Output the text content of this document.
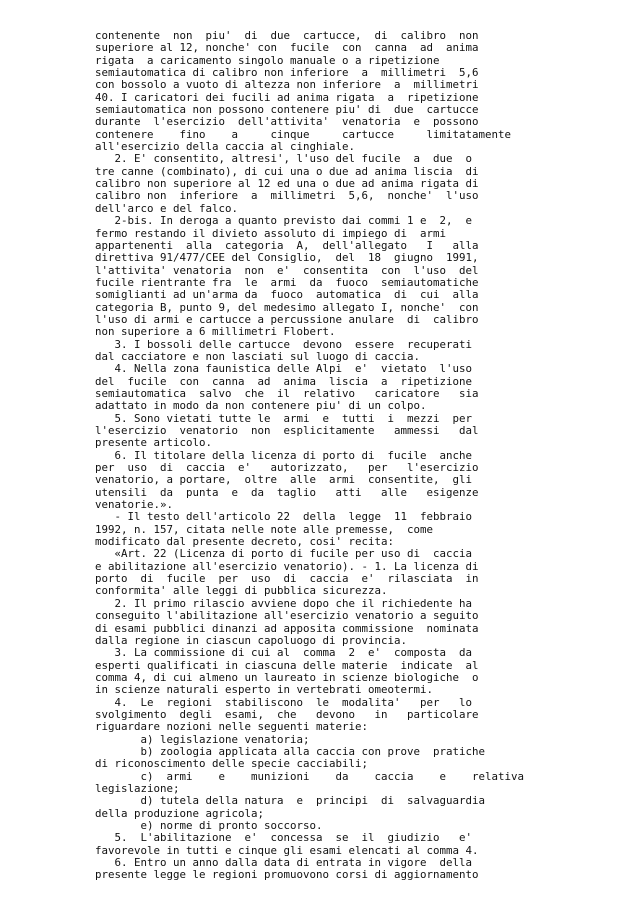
contenente  non  piu'  di  due  cartucce,  di  calibro  non
superiore al 12, nonche' con  fucile  con  canna  ad  anima
rigata  a caricamento singolo manuale o a ripetizione
semiautomatica di calibro non inferiore  a  millimetri  5,6
con bossolo a vuoto di altezza non inferiore  a  millimetri
40. I caricatori dei fucili ad anima rigata  a  ripetizione
semiautomatica non possono contenere piu' di  due  cartucce
durante  l'esercizio  dell'attivita'  venatoria  e  possono
contenere    fino    a     cinque     cartucce     limitatamente
all'esercizio della caccia al cinghiale.
2. E' consentito, altresi', l'uso del fucile  a  due  o
tre canne (combinato), di cui una o due ad anima liscia  di
calibro non superiore al 12 ed una o due ad anima rigata di
calibro non  inferiore  a  millimetri  5,6,  nonche'  l'uso
dell'arco e del falco.
2-bis. In deroga a quanto previsto dai commi 1 e  2,  e
fermo restando il divieto assoluto di impiego di  armi
appartenenti  alla  categoria  A,  dell'allegato   I   alla
direttiva 91/477/CEE del Consiglio,  del  18  giugno  1991,
l'attivita' venatoria  non  e'  consentita  con  l'uso  del
fucile rientrante fra  le  armi  da  fuoco  semiautomatiche
somiglianti ad un'arma da  fuoco  automatica  di  cui  alla
categoria B, punto 9, del medesimo allegato I, nonche'  con
l'uso di armi e cartucce a percussione anulare  di  calibro
non superiore a 6 millimetri Flobert.
3. I bossoli delle cartucce  devono  essere  recuperati
dal cacciatore e non lasciati sul luogo di caccia.
4. Nella zona faunistica delle Alpi  e'  vietato  l'uso
del  fucile  con  canna  ad  anima  liscia  a  ripetizione
semiautomatica  salvo  che  il  relativo   caricatore   sia
adattato in modo da non contenere piu' di un colpo.
5. Sono vietati tutte le  armi  e  tutti  i  mezzi  per
l'esercizio  venatorio  non  esplicitamente   ammessi   dal
presente articolo.
6. Il titolare della licenza di porto di  fucile  anche
per  uso  di  caccia  e'   autorizzato,   per   l'esercizio
venatorio, a portare,  oltre  alle  armi  consentite,  gli
utensili  da  punta  e  da  taglio   atti   alle   esigenze
venatorie.».
- Il testo dell'articolo 22  della  legge  11  febbraio
1992, n. 157, citata nelle note alle premesse,  come
modificato dal presente decreto, cosi' recita:
«Art. 22 (Licenza di porto di fucile per uso di  caccia
e abilitazione all'esercizio venatorio). - 1. La licenza di
porto  di  fucile  per  uso  di  caccia  e'  rilasciata  in
conformita' alle leggi di pubblica sicurezza.
2. Il primo rilascio avviene dopo che il richiedente ha
conseguito l'abilitazione all'esercizio venatorio a seguito
di esami pubblici dinanzi ad apposita commissione  nominata
dalla regione in ciascun capoluogo di provincia.
3. La commissione di cui al  comma  2  e'  composta  da
esperti qualificati in ciascuna delle materie  indicate  al
comma 4, di cui almeno un laureato in scienze biologiche  o
in scienze naturali esperto in vertebrati omeotermi.
4.  Le  regioni  stabiliscono  le  modalita'   per   lo
svolgimento  degli  esami,  che   devono   in   particolare
riguardare nozioni nelle seguenti materie:
a) legislazione venatoria;
b) zoologia applicata alla caccia con prove  pratiche
di riconoscimento delle specie cacciabili;
c)  armi    e    munizioni    da    caccia    e    relativa
legislazione;
d) tutela della natura  e  principi  di  salvaguardia
della produzione agricola;
e) norme di pronto soccorso.
5.  L'abilitazione  e'  concessa  se  il  giudizio   e'
favorevole in tutti e cinque gli esami elencati al comma 4.
6. Entro un anno dalla data di entrata in vigore  della
presente legge le regioni promuovono corsi di aggiornamento
